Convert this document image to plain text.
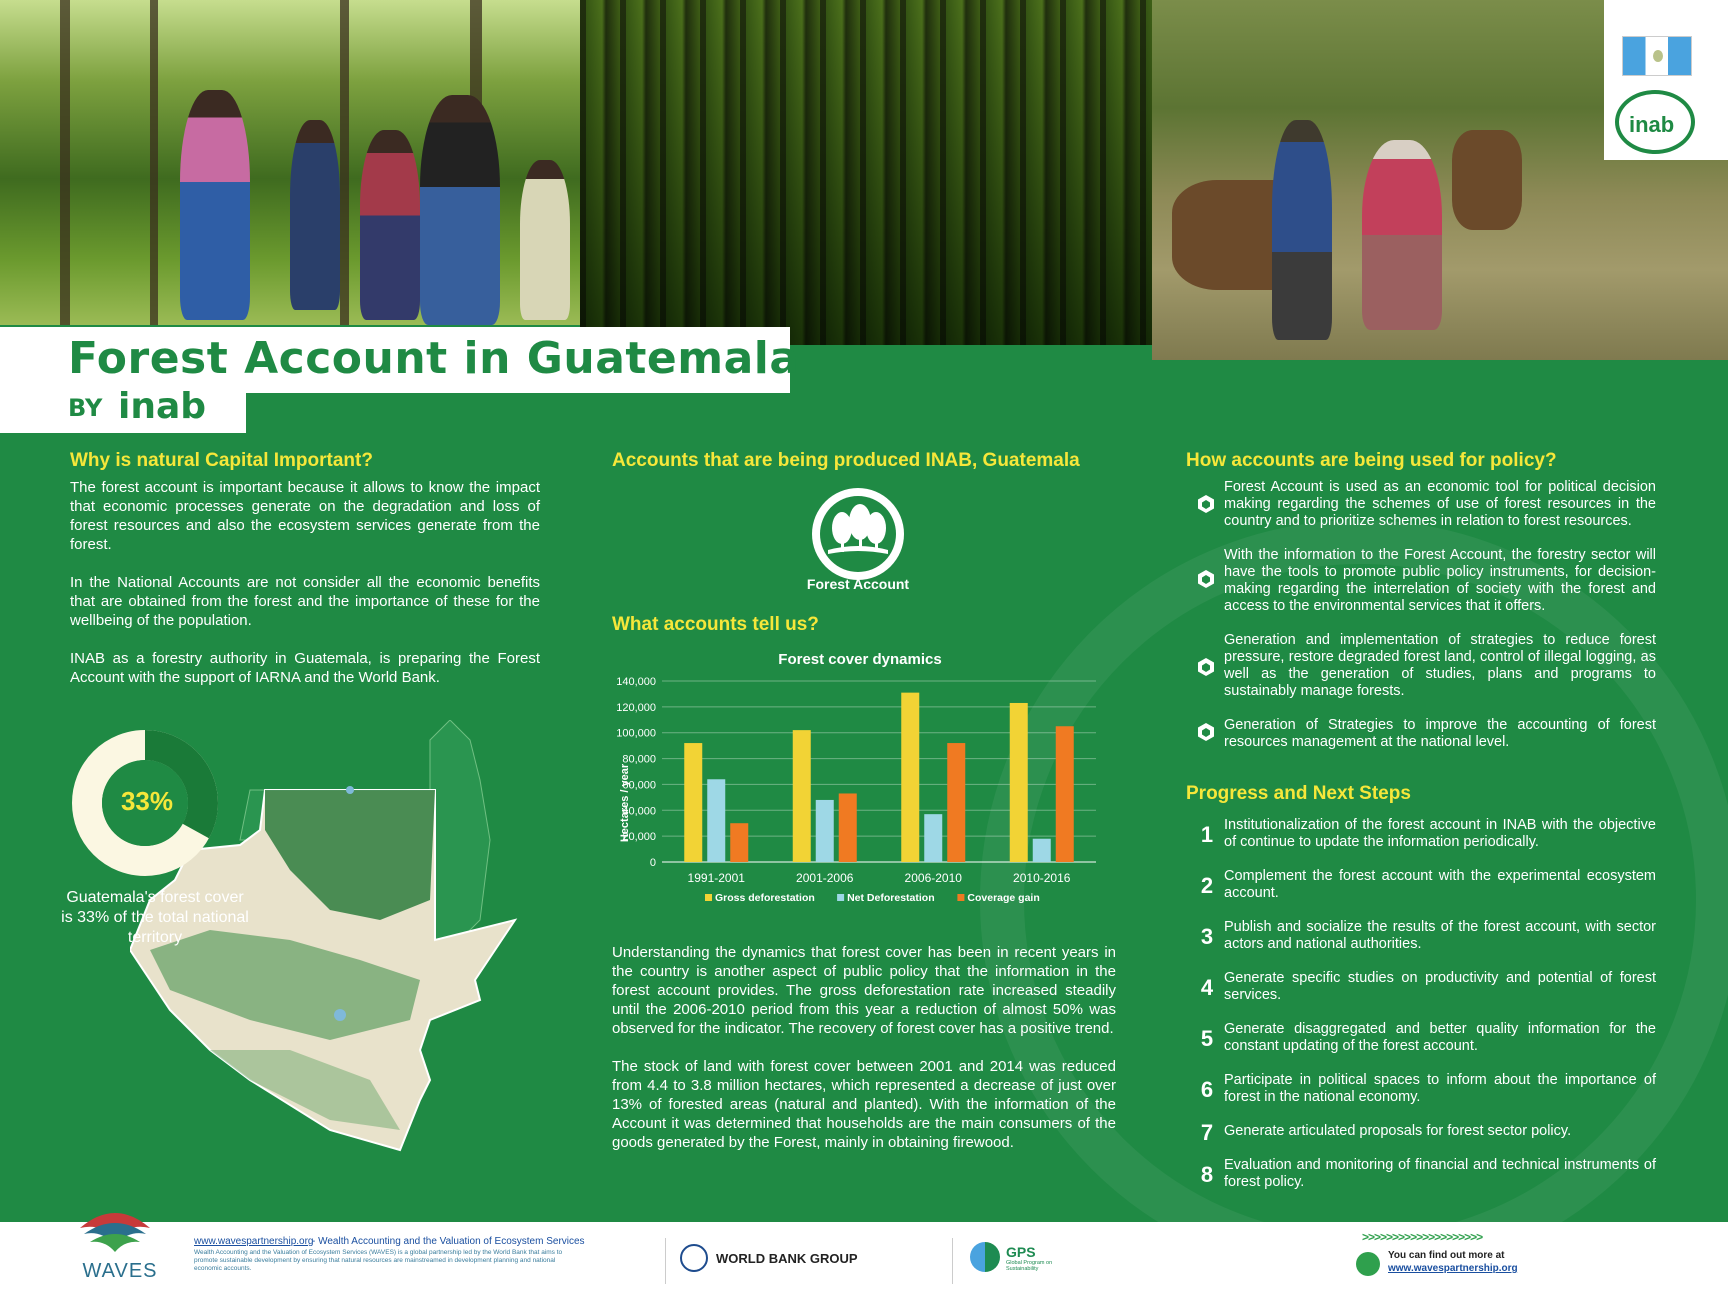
inab
Forest Account in Guatemala
BY inab
Why is natural Capital Important?

The forest account is important because it allows to know the impact that economic processes generate on the degradation and loss of forest resources and also the ecosystem services generate from the forest.

In the National Accounts are not consider all the economic benefits that are obtained from the forest and the importance of these for the wellbeing of the population.

INAB as a forestry authority in Guatemala, is preparing the Forest Account with the support of IARNA and the World Bank.

33%
Guatemala's forest cover is 33% of the total national territory
Accounts that are being produced INAB, Guatemala
Forest Account
What accounts tell us?
Forest cover dynamics
0
20,000
40,000
60,000
80,000
100,000
120,000
140,000
1991-2001	2001-2006	2006-2010	2010-2016
Gross deforestation	Net Deforestation	Coverage gain
Hectares / year

Understanding the dynamics that forest cover has been in recent years in the country is another aspect of public policy that the information in the forest account provides. The gross deforestation rate increased steadily until the 2006-2010 period from this year a reduction of almost 50% was observed for the indicator. The recovery of forest cover has a positive trend.

The stock of land with forest cover between 2001 and 2014 was reduced from 4.4 to 3.8 million hectares, which represented a decrease of just over 13% of forested areas (natural and planted). With the information of the Account it was determined that households are the main consumers of the goods generated by the Forest, mainly in obtaining firewood.

How accounts are being used for policy?
Forest Account is used as an economic tool for political decision making regarding the schemes of use of forest resources in the country and to prioritize schemes in relation to forest resources.
With the information to the Forest Account, the forestry sector will have the tools to promote public policy instruments, for decision-making regarding the interrelation of society with the forest and access to the environmental services that it offers.
Generation and implementation of strategies to reduce forest pressure, restore degraded forest land, control of illegal logging, as well as the generation of studies, plans and programs to sustainably manage forests.
Generation of Strategies to improve the accounting of forest resources management at the national level.
Progress and Next Steps
1 Institutionalization of the forest account in INAB with the objective of continue to update the information periodically.
2 Complement the forest account with the experimental ecosystem account.
3 Publish and socialize the results of the forest account, with sector actors and national authorities.
4 Generate specific studies on productivity and potential of forest services.
5 Generate disaggregated and better quality information for the constant updating of the forest account.
6 Participate in political spaces to inform about the importance of forest in the national economy.
7 Generate articulated proposals for forest sector policy.
8 Evaluation and monitoring of financial and technical instruments of forest policy.
WAVES
www.wavespartnership.org
- Wealth Accounting and the Valuation of Ecosystem Services
Wealth Accounting and the Valuation of Ecosystem Services (WAVES) is a global partnership led by the World Bank that aims to promote sustainable development by ensuring that natural resources are mainstreamed in development planning and national economic accounts.
WORLD BANK GROUP	GPS
Global Program on Sustainability
>>>>>>>>>>>>>>>>>>>>
You can find out more at
www.wavespartnership.org
